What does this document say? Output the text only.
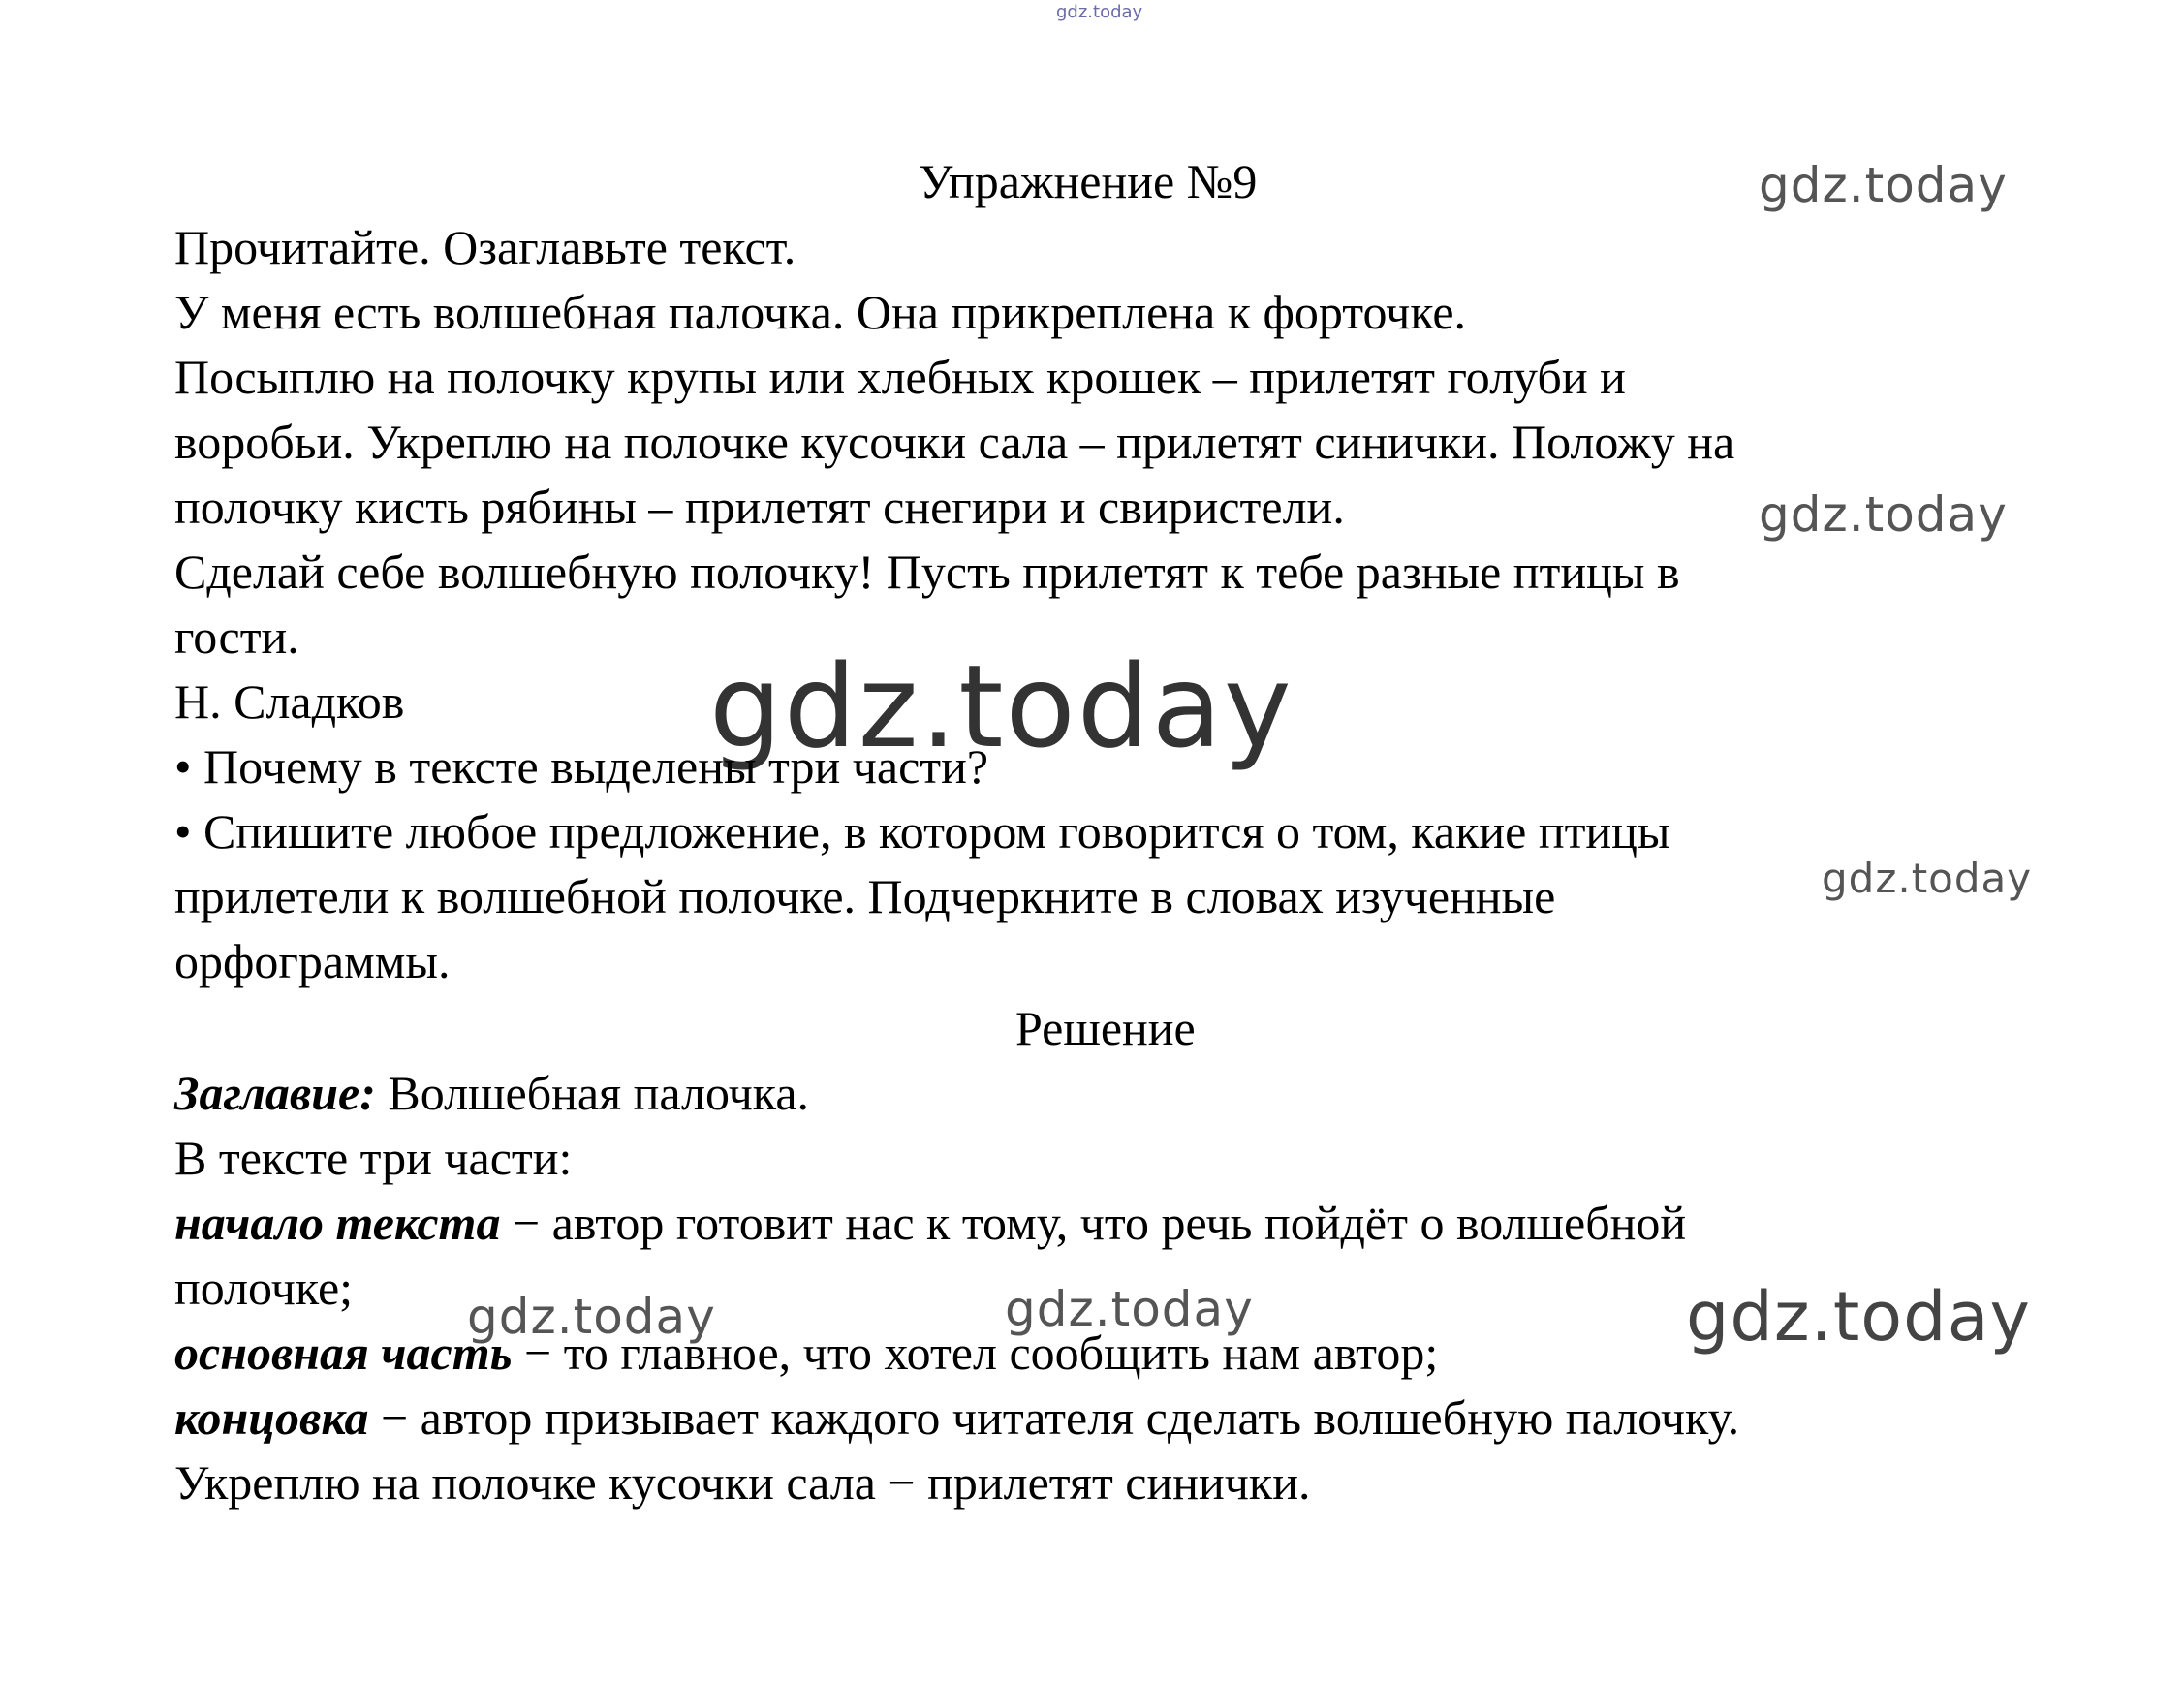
gdz.today
gdz.today
gdz.today
gdz.today
gdz.today
gdz.today	gdz.today	gdz.today
Упражнение №9
Прочитайте. Озаглавьте текст.
У меня есть волшебная палочка. Она прикреплена к форточке.
Посыплю на полочку крупы или хлебных крошек – прилетят голуби и
воробьи. Укреплю на полочке кусочки сала – прилетят синички. Положу на
полочку кисть рябины – прилетят снегири и свиристели.
Сделай себе волшебную полочку! Пусть прилетят к тебе разные птицы в
гости.
Н. Сладков
• Почему в тексте выделены три части?
• Спишите любое предложение, в котором говорится о том, какие птицы
прилетели к волшебной полочке. Подчеркните в словах изученные
орфограммы.
Решение
Заглавие: Волшебная палочка.
В тексте три части:
начало текста − автор готовит нас к тому, что речь пойдёт о волшебной
полочке;
основная часть − то главное, что хотел сообщить нам автор;
концовка − автор призывает каждого читателя сделать волшебную палочку.
Укреплю на полочке кусочки сала − прилетят синички.
